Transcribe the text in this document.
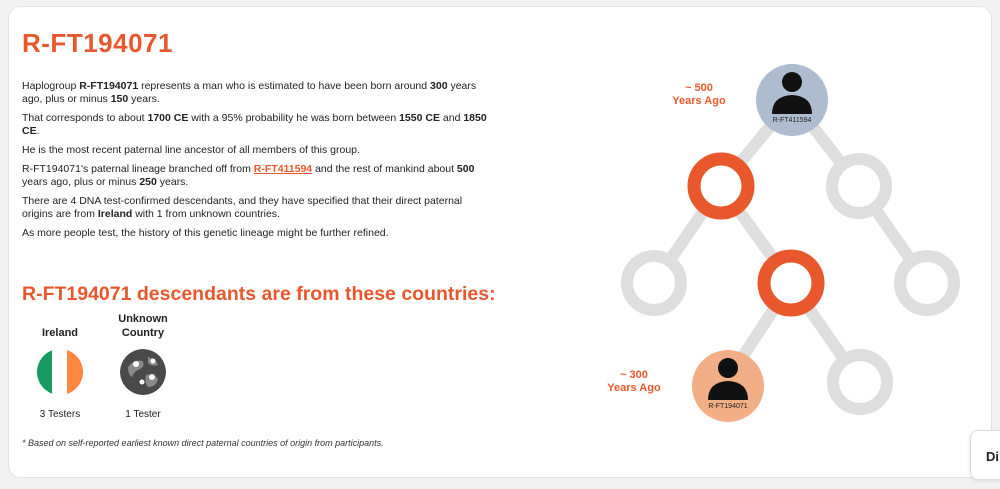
R-FT194071

Haplogroup R-FT194071 represents a man who is estimated to have been born around 300 years ago, plus or minus 150 years.

That corresponds to about 1700 CE with a 95% probability he was born between 1550 CE and 1850 CE.

He is the most recent paternal line ancestor of all members of this group.

R-FT194071's paternal lineage branched off from R-FT411594 and the rest of mankind about 500 years ago, plus or minus 250 years.

There are 4 DNA test-confirmed descendants, and they have specified that their direct paternal origins are from Ireland with 1 from unknown countries.

As more people test, the history of this genetic lineage might be further refined.

R-FT194071 descendants are from these countries:
Ireland
3 Testers
Unknown Country
1 Tester
* Based on self-reported earliest known direct paternal countries of origin from participants.
R-FT411594
R-FT194071
~ 500
Years Ago
~ 300
Years Ago
Di
